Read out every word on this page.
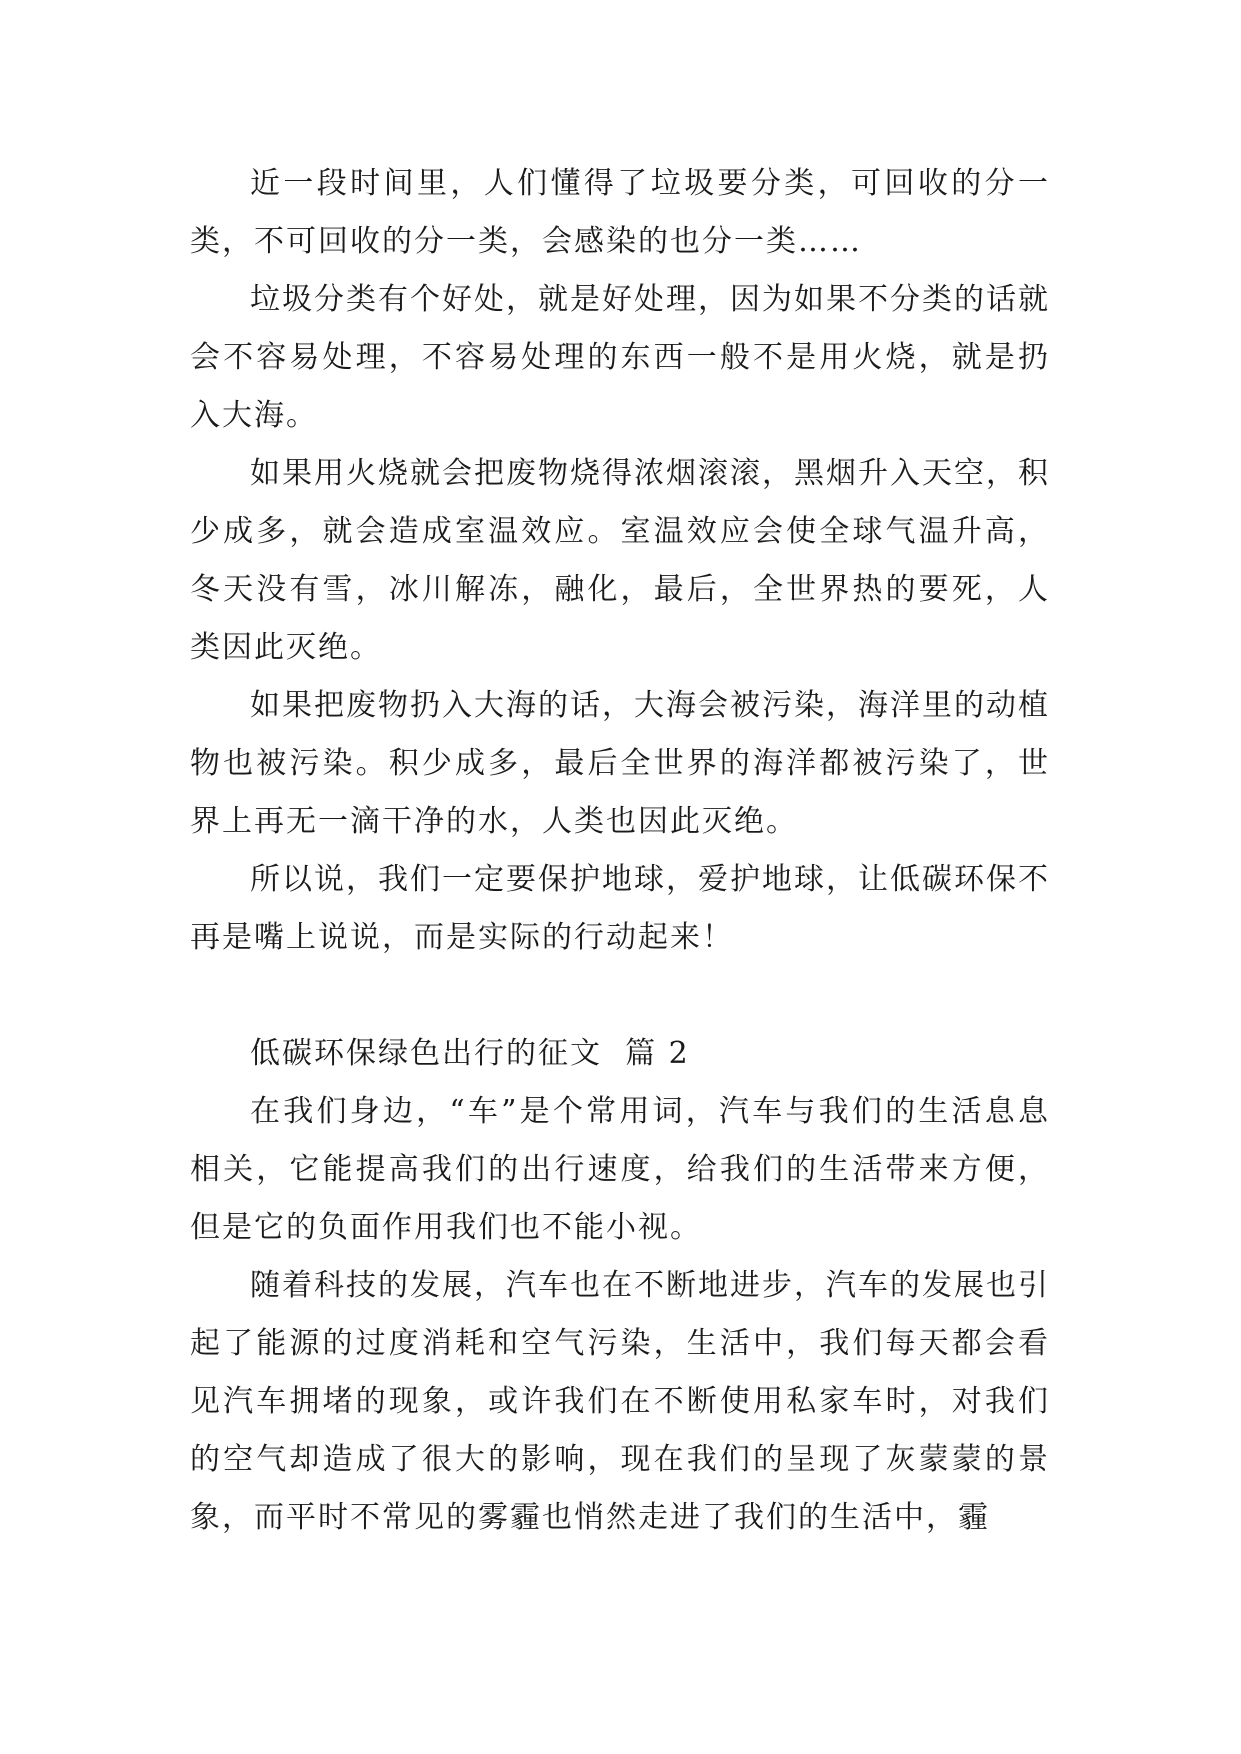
近一段时间里，人们懂得了垃圾要分类，可回收的分一类，不可回收的分一类，会感染的也分一类……

垃圾分类有个好处，就是好处理，因为如果不分类的话就会不容易处理，不容易处理的东西一般不是用火烧，就是扔入大海。

如果用火烧就会把废物烧得浓烟滚滚，黑烟升入天空，积少成多，就会造成室温效应。室温效应会使全球气温升高，冬天没有雪，冰川解冻，融化，最后，全世界热的要死，人类因此灭绝。

如果把废物扔入大海的话，大海会被污染，海洋里的动植物也被污染。积少成多，最后全世界的海洋都被污染了，世界上再无一滴干净的水，人类也因此灭绝。

所以说，我们一定要保护地球，爱护地球，让低碳环保不再是嘴上说说，而是实际的行动起来！

低碳环保绿色出行的征文  篇 2

在我们身边，“车”是个常用词，汽车与我们的生活息息相关，它能提高我们的出行速度，给我们的生活带来方便，但是它的负面作用我们也不能小视。

随着科技的发展，汽车也在不断地进步，汽车的发展也引起了能源的过度消耗和空气污染，生活中，我们每天都会看见汽车拥堵的现象，或许我们在不断使用私家车时，对我们的空气却造成了很大的影响，现在我们的呈现了灰蒙蒙的景象，而平时不常见的雾霾也悄然走进了我们的生活中，霾
